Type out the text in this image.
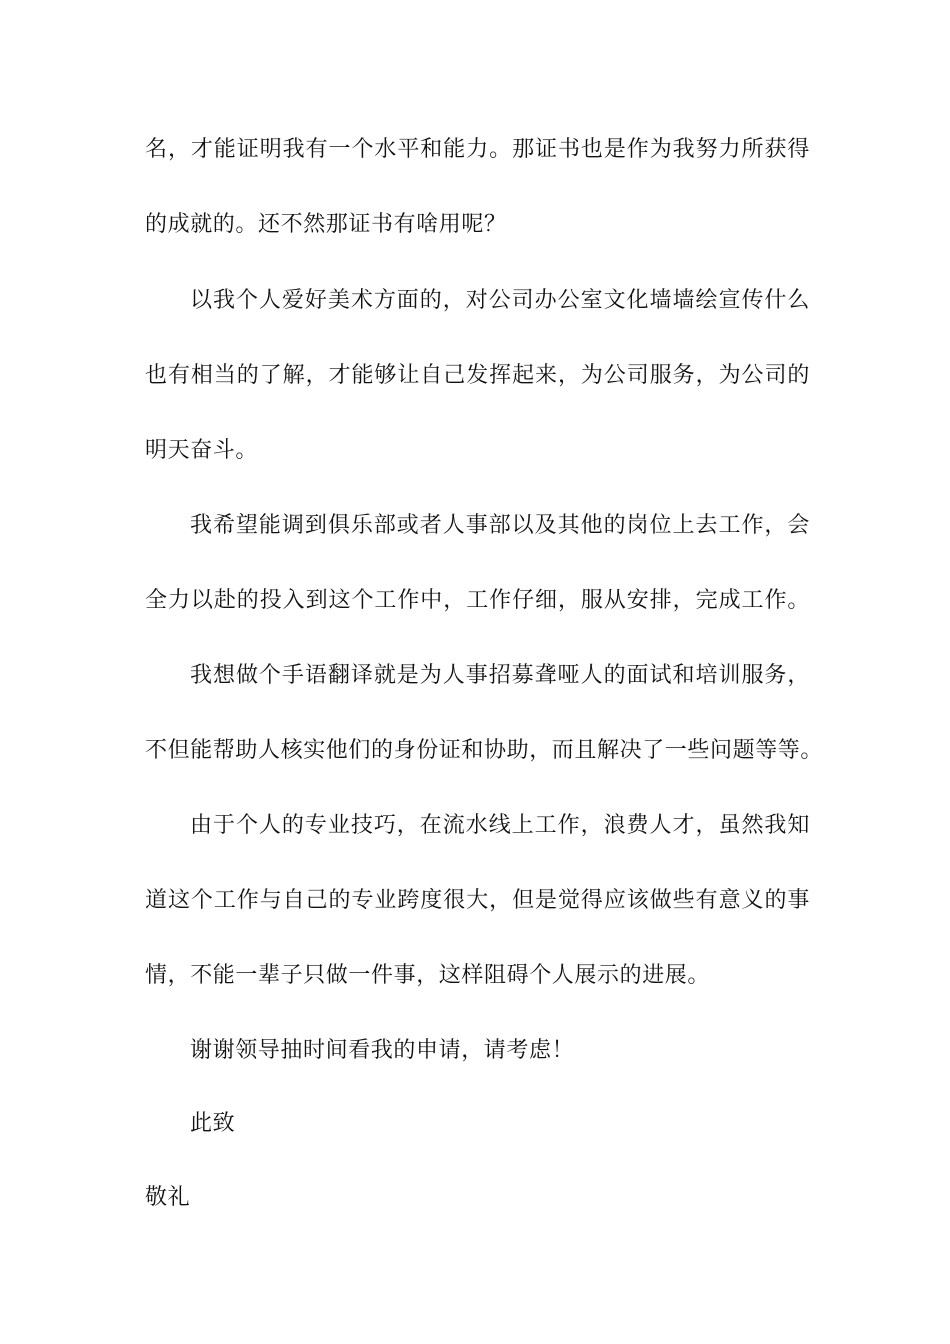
名，才能证明我有一个水平和能力。那证书也是作为我努力所获得
的成就的。还不然那证书有啥用呢？
以我个人爱好美术方面的，对公司办公室文化墙墙绘宣传什么
也有相当的了解，才能够让自己发挥起来，为公司服务，为公司的
明天奋斗。
我希望能调到俱乐部或者人事部以及其他的岗位上去工作，会
全力以赴的投入到这个工作中，工作仔细，服从安排，完成工作。
我想做个手语翻译就是为人事招募聋哑人的面试和培训服务，
不但能帮助人核实他们的身份证和协助，而且解决了一些问题等等。
由于个人的专业技巧，在流水线上工作，浪费人才，虽然我知
道这个工作与自己的专业跨度很大，但是觉得应该做些有意义的事
情，不能一辈子只做一件事，这样阻碍个人展示的进展。
谢谢领导抽时间看我的申请，请考虑！
此致
敬礼
